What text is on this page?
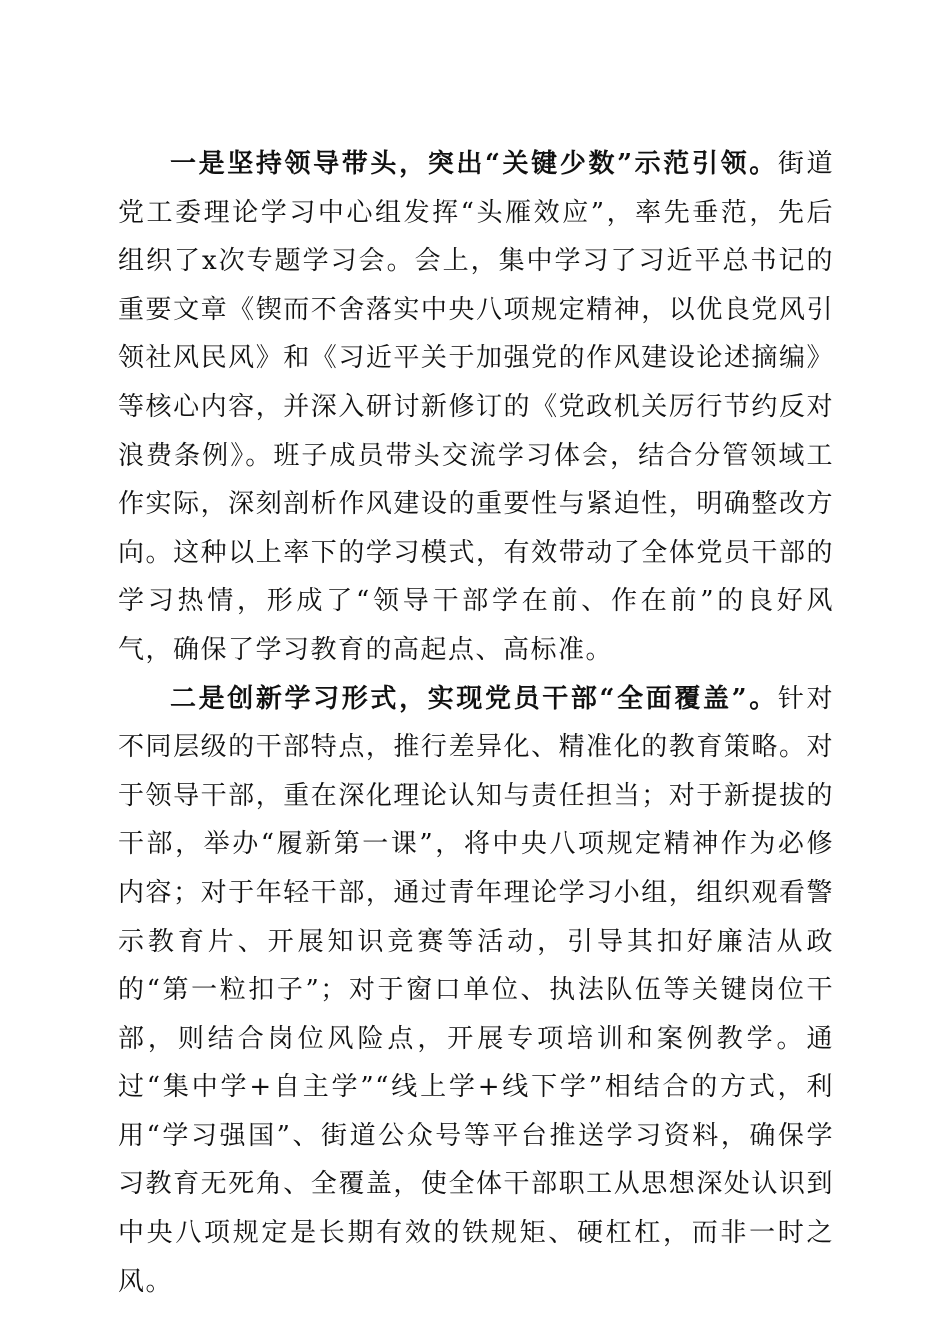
一是坚持领导带头，突出“关键少数”示范引领。街道党工委理论学习中心组发挥“头雁效应”，率先垂范，先后组织了x次专题学习会。会上，集中学习了习近平总书记的重要文章《锲而不舍落实中央八项规定精神，以优良党风引领社风民风》和《习近平关于加强党的作风建设论述摘编》等核心内容，并深入研讨新修订的《党政机关厉行节约反对浪费条例》。班子成员带头交流学习体会，结合分管领域工作实际，深刻剖析作风建设的重要性与紧迫性，明确整改方向。这种以上率下的学习模式，有效带动了全体党员干部的学习热情，形成了“领导干部学在前、作在前”的良好风气，确保了学习教育的高起点、高标准。

二是创新学习形式，实现党员干部“全面覆盖”。针对不同层级的干部特点，推行差异化、精准化的教育策略。对于领导干部，重在深化理论认知与责任担当；对于新提拔的干部，举办“履新第一课”，将中央八项规定精神作为必修内容；对于年轻干部，通过青年理论学习小组，组织观看警示教育片、开展知识竞赛等活动，引导其扣好廉洁从政的“第一粒扣子”；对于窗口单位、执法队伍等关键岗位干部，则结合岗位风险点，开展专项培训和案例教学。通过“集中学+自主学”“线上学+线下学”相结合的方式，利用“学习强国”、街道公众号等平台推送学习资料，确保学习教育无死角、全覆盖，使全体干部职工从思想深处认识到中央八项规定是长期有效的铁规矩、硬杠杠，而非一时之风。
